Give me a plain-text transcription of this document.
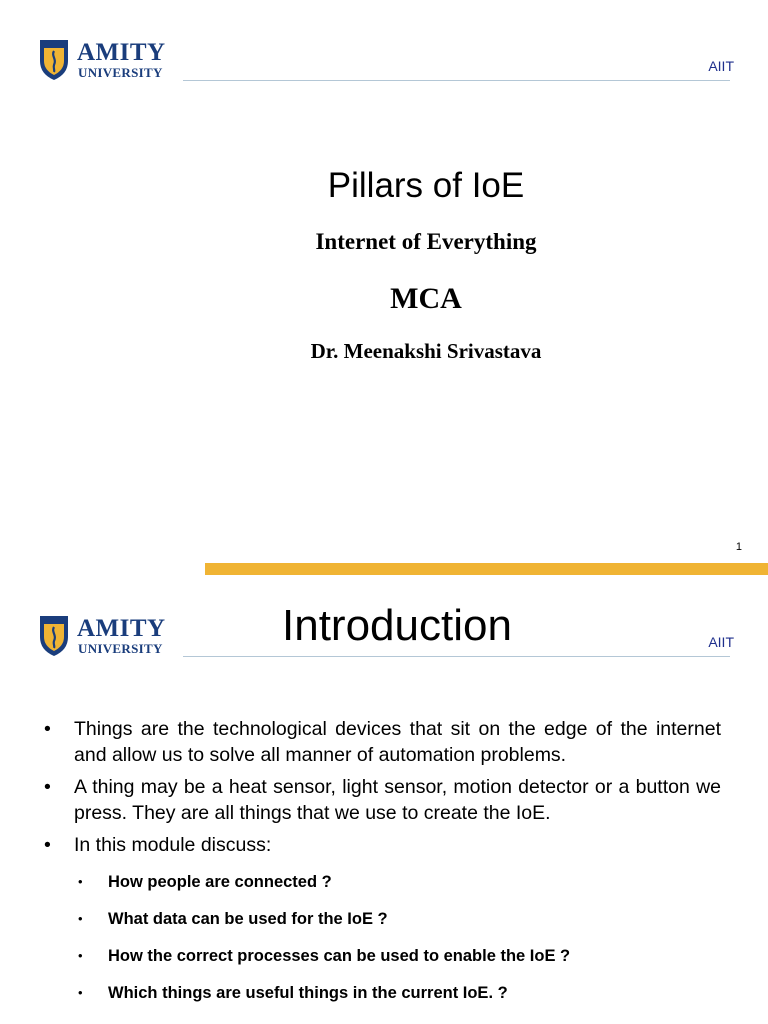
AMITY
UNIVERSITY	AIIT
Pillars of IoE
Internet of Everything
MCA
Dr. Meenakshi Srivastava
1
AMITY
UNIVERSITY	Introduction	AIIT
• Things are the technological devices that sit on the edge of the internet and allow us to solve all manner of automation problems.
• A thing may be a heat sensor, light sensor, motion detector or a button we press. They are all things that we use to create the IoE.
• In this module discuss:
• How people are connected ?
• What data can be used for the IoE ?
• How the correct processes can be used to enable the IoE ?
• Which things are useful things in the current IoE. ?
